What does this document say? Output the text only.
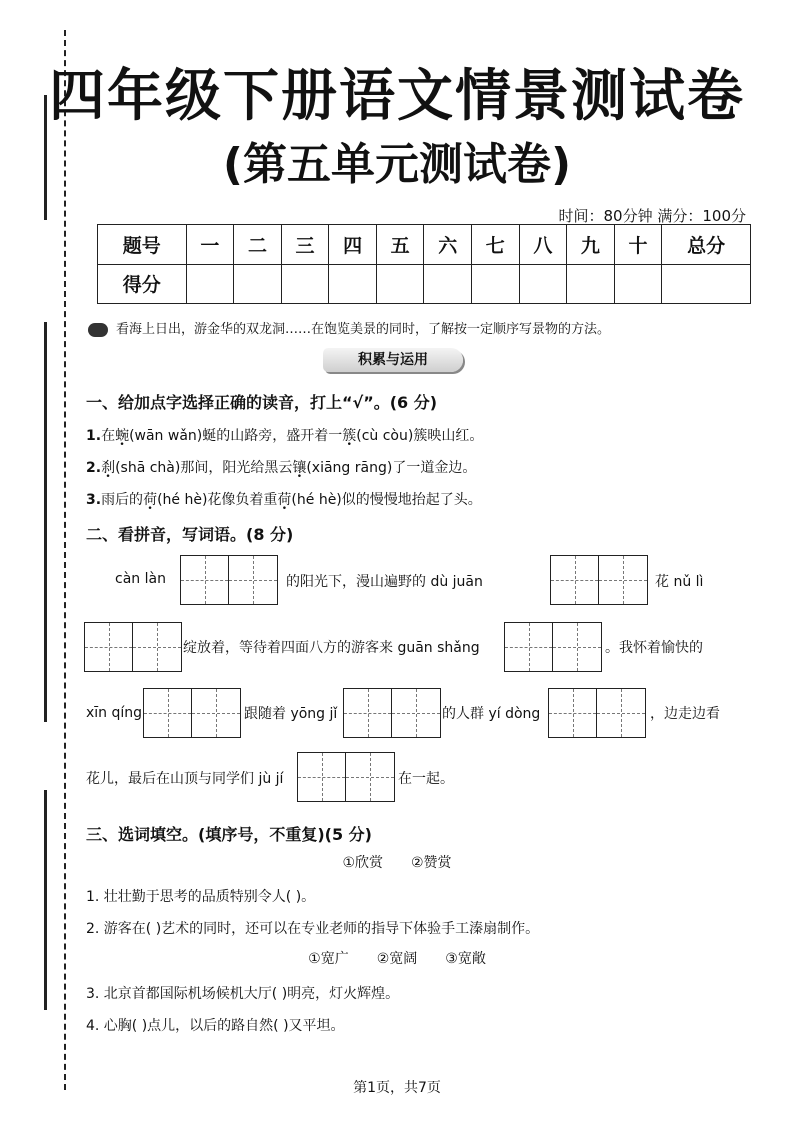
四年级下册语文情景测试卷
(第五单元测试卷)
时间：80分钟 满分：100分
题号	一	二	三	四	五	六	七	八	九	十	总分
得分											
看海上日出，游金华的双龙洞……在饱览美景的同时，了解按一定顺序写景物的方法。
积累与运用
一、给加点字选择正确的读音，打上“√”。(6 分)
1.在蜿(wān wǎn)蜒的山路旁，盛开着一簇(cù còu)簇映山红。
2.刹(shā chà)那间，阳光给黑云镶(xiāng rāng)了一道金边。
3.雨后的荷(hé hè)花像负着重荷(hé hè)似的慢慢地抬起了头。
二、看拼音，写词语。(8 分)
càn làn	的阳光下，漫山遍野的 dù juān	花 nǔ lì
绽放着，等待着四面八方的游客来 guān shǎng	。我怀着愉快的
xīn qíng	跟随着 yōng jǐ	的人群 yí dòng	，边走边看
花儿，最后在山顶与同学们 jù jí	在一起。
三、选词填空。(填序号，不重复)(5 分)
①欣赏 ②赞赏
1. 壮壮勤于思考的品质特别令人( )。
2. 游客在( )艺术的同时，还可以在专业老师的指导下体验手工溱扇制作。
①宽广 ②宽阔 ③宽敞
3. 北京首都国际机场候机大厅( )明亮，灯火辉煌。
4. 心胸( )点儿，以后的路自然( )又平坦。
第1页，共7页
